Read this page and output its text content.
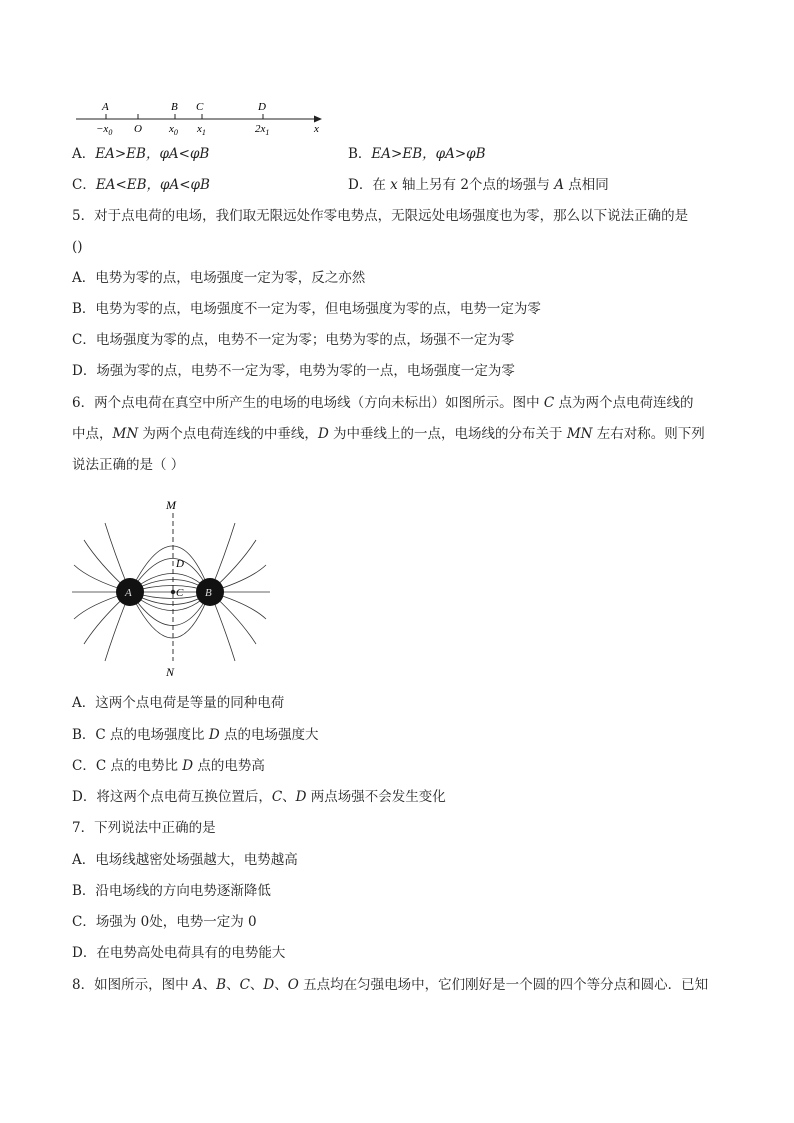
A	B C	D
$-x_0$ O $x_0$ $x_1$	$2x_1$	x
A．EA>EB，φA<φB	B．EA>EB，φA>φB
C．EA<EB，φA<φB	D．在 x 轴上另有 2个点的场强与 A 点相同
5．对于点电荷的电场，我们取无限远处作零电势点，无限远处电场强度也为零，那么以下说法正确的是
()
A．电势为零的点，电场强度一定为零，反之亦然
B．电势为零的点，电场强度不一定为零，但电场强度为零的点，电势一定为零
C．电场强度为零的点，电势不一定为零；电势为零的点，场强不一定为零
D．场强为零的点，电势不一定为零，电势为零的一点，电场强度一定为零
6．两个点电荷在真空中所产生的电场的电场线（方向未标出）如图所示。图中 C 点为两个点电荷连线的
中点，MN 为两个点电荷连线的中垂线，D 为中垂线上的一点，电场线的分布关于 MN 左右对称。则下列
说法正确的是（ ）
M
N
D
C
A	B
A．这两个点电荷是等量的同种电荷
B．C 点的电场强度比 D 点的电场强度大
C．C 点的电势比 D 点的电势高
D．将这两个点电荷互换位置后，C、D 两点场强不会发生变化
7．下列说法中正确的是
A．电场线越密处场强越大，电势越高
B．沿电场线的方向电势逐渐降低
C．场强为 0处，电势一定为 0
D．在电势高处电荷具有的电势能大
8．如图所示，图中 A、B、C、D、O 五点均在匀强电场中，它们刚好是一个圆的四个等分点和圆心．已知
